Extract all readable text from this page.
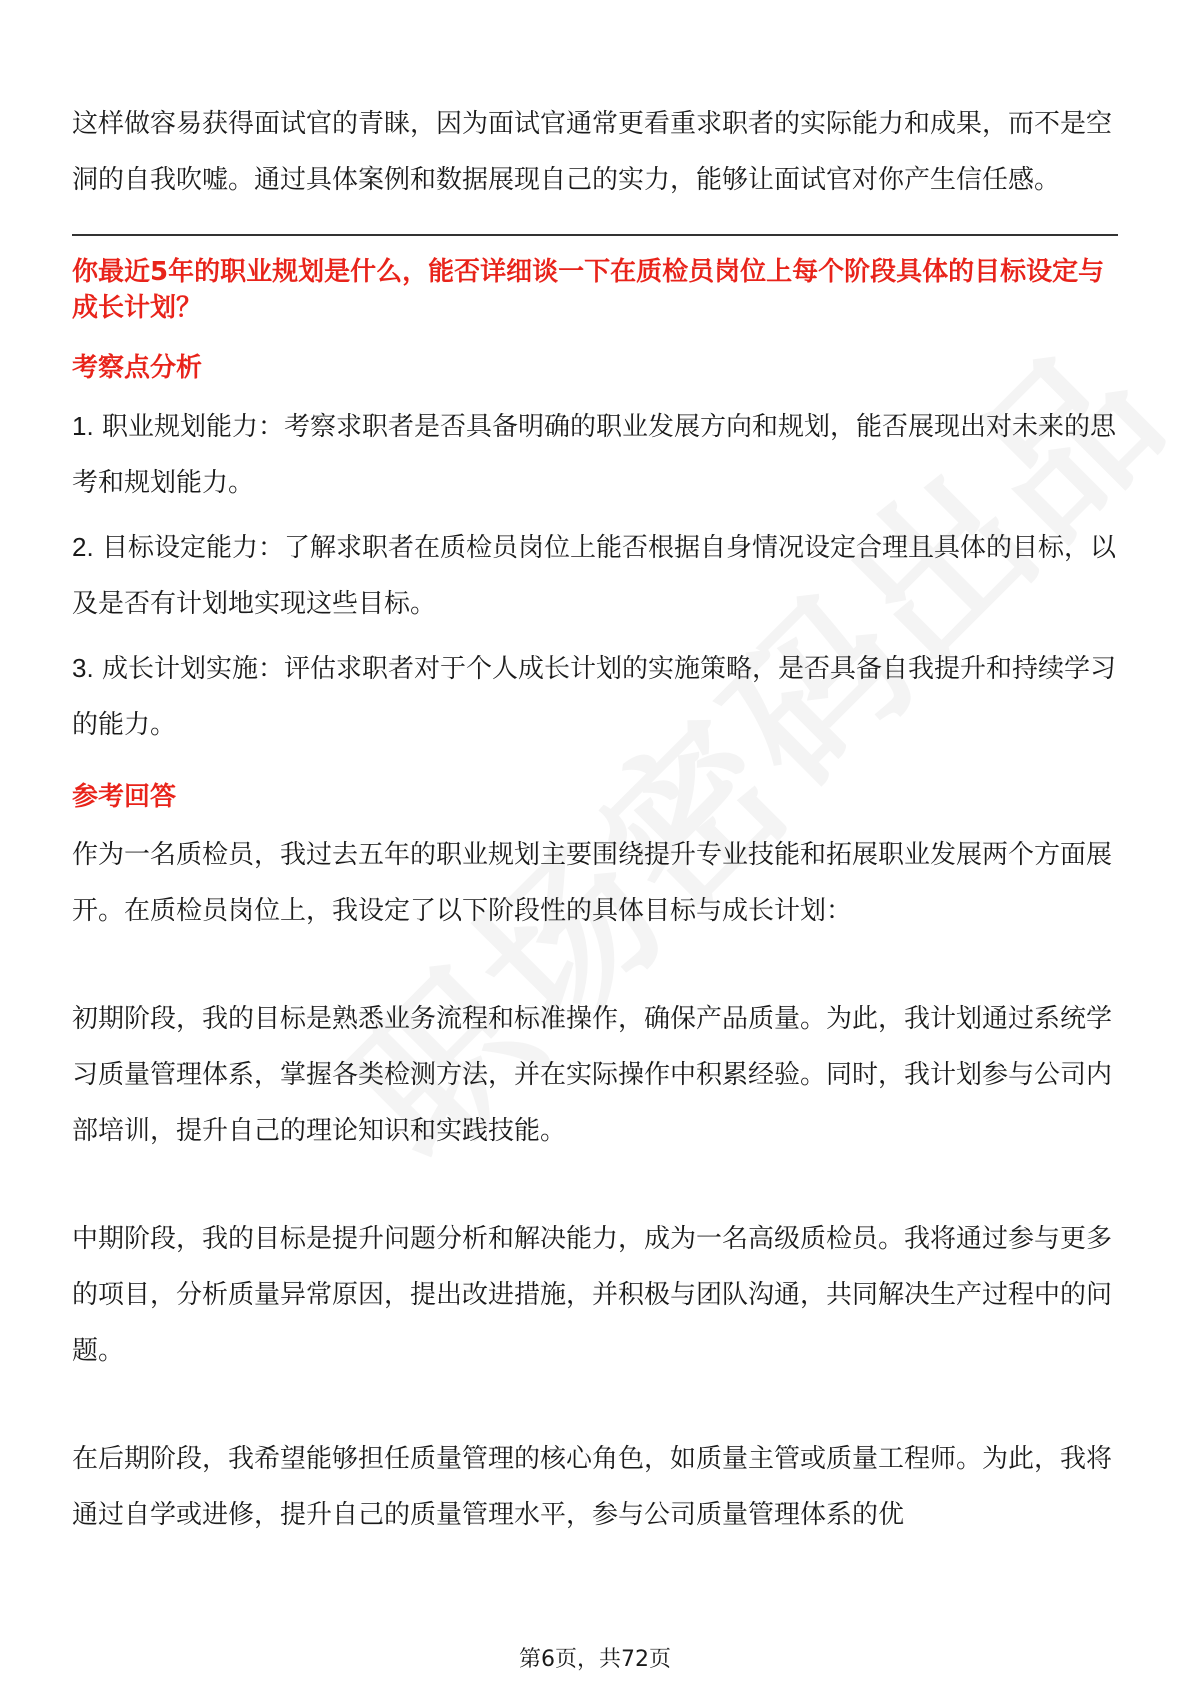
这样做容易获得面试官的青睐，因为面试官通常更看重求职者的实际能力和成果，而不是空洞的自我吹嘘。通过具体案例和数据展现自己的实力，能够让面试官对你产生信任感。

你最近5年的职业规划是什么，能否详细谈一下在质检员岗位上每个阶段具体的目标设定与成长计划？

考察点分析

1. 职业规划能力：考察求职者是否具备明确的职业发展方向和规划，能否展现出对未来的思考和规划能力。

2. 目标设定能力：了解求职者在质检员岗位上能否根据自身情况设定合理且具体的目标，以及是否有计划地实现这些目标。

3. 成长计划实施：评估求职者对于个人成长计划的实施策略，是否具备自我提升和持续学习的能力。

参考回答

作为一名质检员，我过去五年的职业规划主要围绕提升专业技能和拓展职业发展两个方面展开。在质检员岗位上，我设定了以下阶段性的具体目标与成长计划：

初期阶段，我的目标是熟悉业务流程和标准操作，确保产品质量。为此，我计划通过系统学习质量管理体系，掌握各类检测方法，并在实际操作中积累经验。同时，我计划参与公司内部培训，提升自己的理论知识和实践技能。

中期阶段，我的目标是提升问题分析和解决能力，成为一名高级质检员。我将通过参与更多的项目，分析质量异常原因，提出改进措施，并积极与团队沟通，共同解决生产过程中的问题。

在后期阶段，我希望能够担任质量管理的核心角色，如质量主管或质量工程师。为此，我将通过自学或进修，提升自己的质量管理水平，参与公司质量管理体系的优

第6页，共72页
